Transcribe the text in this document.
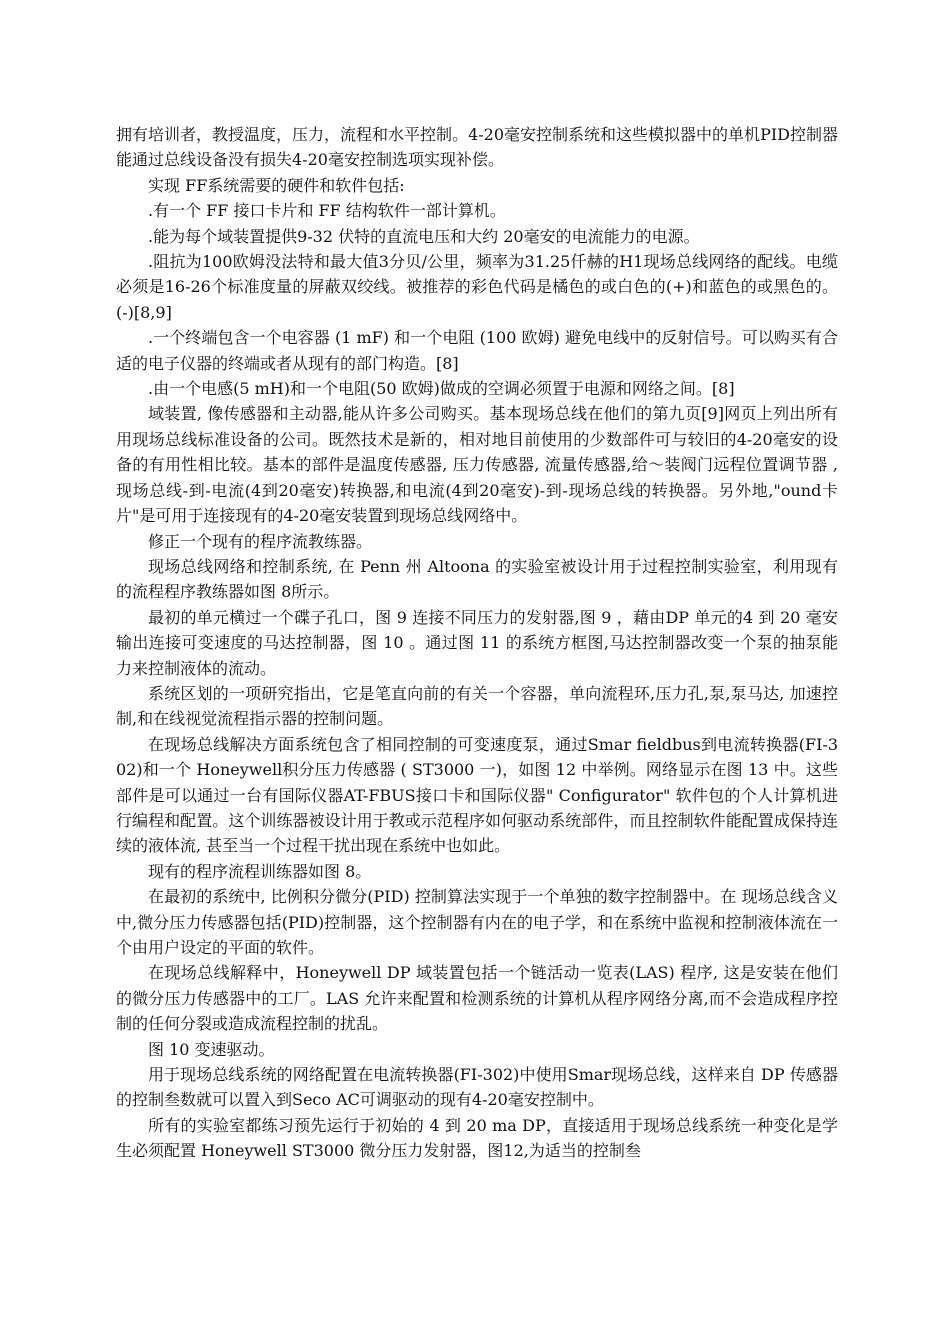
拥有培训者，教授温度，压力，流程和水平控制。4-20毫安控制系统和这些模拟器中的单机PID控制器能通过总线设备没有损失4-20毫安控制选项实现补偿。

实现 FF系统需要的硬件和软件包括:

.有一个 FF 接口卡片和 FF 结构软件一部计算机。

.能为每个域装置提供9-32 伏特的直流电压和大约 20毫安的电流能力的电源。

.阻抗为100欧姆没法特和最大值3分贝/公里，频率为31.25仟赫的H1现场总线网络的配线。电缆必须是16-26个标准度量的屏蔽双绞线。被推荐的彩色代码是橘色的或白色的(+)和蓝色的或黑色的。(-)[8,9]

.一个终端包含一个电容器 (1 mF) 和一个电阻 (100 欧姆) 避免电线中的反射信号。可以购买有合适的电子仪器的终端或者从现有的部门构造。[8]

.由一个电感(5 mH)和一个电阻(50 欧姆)做成的空调必须置于电源和网络之间。[8]

域装置, 像传感器和主动器,能从许多公司购买。基本现场总线在他们的第九页[9]网页上列出所有用现场总线标准设备的公司。既然技术是新的，相对地目前使用的少数部件可与较旧的4-20毫安的设备的有用性相比较。基本的部件是温度传感器, 压力传感器, 流量传感器,给～装阀门远程位置调节器 ,现场总线-到-电流(4到20毫安)转换器,和电流(4到20毫安)-到-现场总线的转换器。另外地,"ound卡片"是可用于连接现有的4-20毫安装置到现场总线网络中。

修正一个现有的程序流教练器。

现场总线网络和控制系统, 在 Penn 州 Altoona 的实验室被设计用于过程控制实验室，利用现有的流程程序教练器如图 8所示。

最初的单元横过一个碟子孔口，图 9 连接不同压力的发射器,图 9 ，藉由DP 单元的4 到 20 毫安输出连接可变速度的马达控制器，图 10 。通过图 11 的系统方框图,马达控制器改变一个泵的抽泵能力来控制液体的流动。

系统区划的一项研究指出，它是笔直向前的有关一个容器，单向流程环,压力孔,泵,泵马达, 加速控制,和在线视觉流程指示器的控制问题。

在现场总线解决方面系统包含了相同控制的可变速度泵，通过Smar fieldbus到电流转换器(FI-302)和一个 Honeywell积分压力传感器 ( ST3000 一)，如图 12 中举例。网络显示在图 13 中。这些部件是可以通过一台有国际仪器AT-FBUS接口卡和国际仪器" Configurator" 软件包的个人计算机进行编程和配置。这个训练器被设计用于教或示范程序如何驱动系统部件，而且控制软件能配置成保持连续的液体流, 甚至当一个过程干扰出现在系统中也如此。

现有的程序流程训练器如图 8。

在最初的系统中, 比例积分微分(PID) 控制算法实现于一个单独的数字控制器中。在 现场总线含义中,微分压力传感器包括(PID)控制器，这个控制器有内在的电子学，和在系统中监视和控制液体流在一个由用户设定的平面的软件。

在现场总线解释中，Honeywell DP 域装置包括一个链活动一览表(LAS) 程序, 这是安装在他们的微分压力传感器中的工厂。LAS 允许来配置和检测系统的计算机从程序网络分离,而不会造成程序控制的任何分裂或造成流程控制的扰乱。

图 10 变速驱动。

用于现场总线系统的网络配置在电流转换器(FI-302)中使用Smar现场总线，这样来自 DP 传感器的控制叁数就可以置入到Seco AC可调驱动的现有4-20毫安控制中。

所有的实验室都练习预先运行于初始的 4 到 20 ma DP，直接适用于现场总线系统一种变化是学生必须配置 Honeywell ST3000 微分压力发射器，图12,为适当的控制叁
